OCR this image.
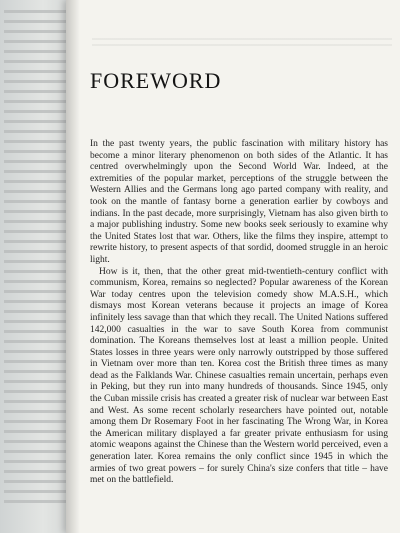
FOREWORD

In the past twenty years, the public fascination with military history has become a minor literary phenomenon on both sides of the Atlantic. It has centred overwhelmingly upon the Second World War. Indeed, at the extremities of the popular market, perceptions of the struggle between the Western Allies and the Germans long ago parted company with reality, and took on the mantle of fantasy borne a generation earlier by cowboys and indians. In the past decade, more surprisingly, Vietnam has also given birth to a major publishing industry. Some new books seek seriously to examine why the United States lost that war. Others, like the films they inspire, attempt to rewrite history, to present aspects of that sordid, doomed struggle in an heroic light.

How is it, then, that the other great mid-twentieth-century conflict with communism, Korea, remains so neglected? Popular awareness of the Korean War today centres upon the television comedy show M.A.S.H., which dismays most Korean veterans because it projects an image of Korea infinitely less savage than that which they recall. The United Nations suffered 142,000 casualties in the war to save South Korea from communist domination. The Koreans themselves lost at least a million people. United States losses in three years were only narrowly outstripped by those suffered in Vietnam over more than ten. Korea cost the British three times as many dead as the Falklands War. Chinese casualties remain uncertain, perhaps even in Peking, but they run into many hundreds of thousands. Since 1945, only the Cuban missile crisis has created a greater risk of nuclear war between East and West. As some recent scholarly researchers have pointed out, notable among them Dr Rosemary Foot in her fascinating The Wrong War, in Korea the American military displayed a far greater private enthusiasm for using atomic weapons against the Chinese than the Western world perceived, even a generation later. Korea remains the only conflict since 1945 in which the armies of two great powers – for surely China's size confers that title – have met on the battlefield.
